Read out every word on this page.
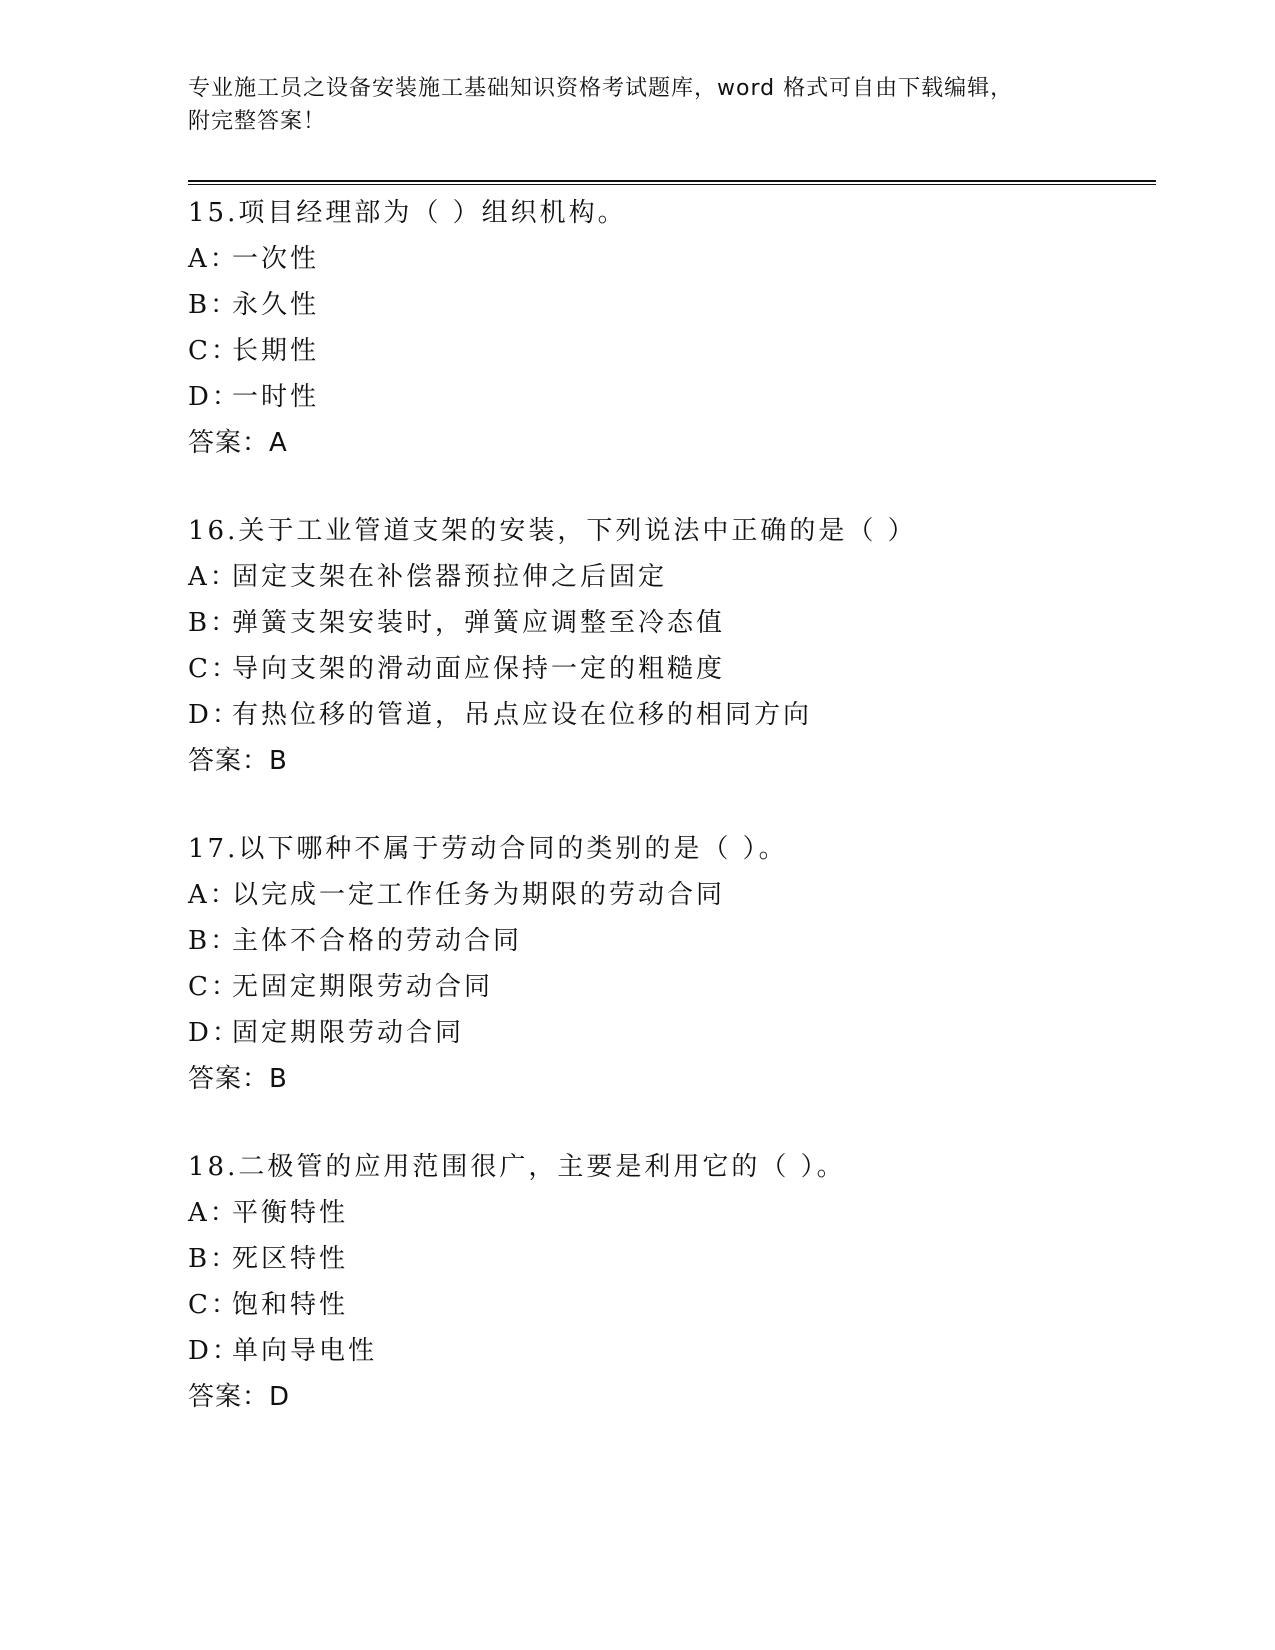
专业施工员之设备安装施工基础知识资格考试题库，word 格式可自由下载编辑，
附完整答案！
15.项目经理部为（ ）组织机构。
A：一次性
B：永久性
C：长期性
D：一时性
答案：A
16.关于工业管道支架的安装，下列说法中正确的是（ ）
A：固定支架在补偿器预拉伸之后固定
B：弹簧支架安装时，弹簧应调整至冷态值
C：导向支架的滑动面应保持一定的粗糙度
D：有热位移的管道，吊点应设在位移的相同方向
答案：B
17.以下哪种不属于劳动合同的类别的是（ ）。
A：以完成一定工作任务为期限的劳动合同
B：主体不合格的劳动合同
C：无固定期限劳动合同
D：固定期限劳动合同
答案：B
18.二极管的应用范围很广，主要是利用它的（ ）。
A：平衡特性
B：死区特性
C：饱和特性
D：单向导电性
答案：D
